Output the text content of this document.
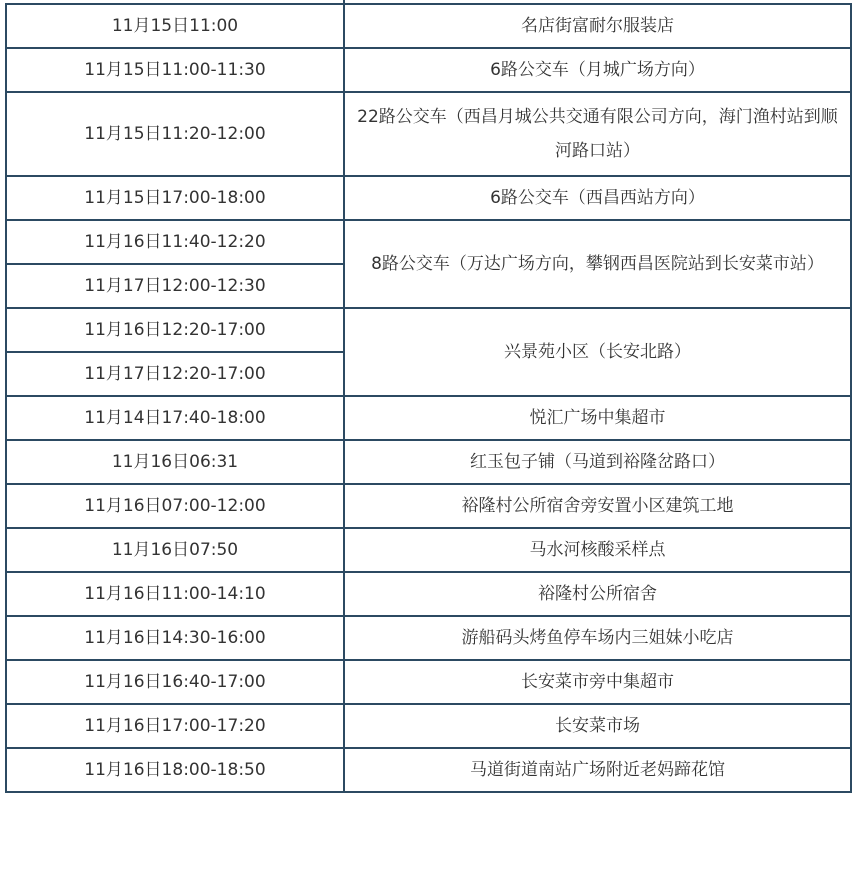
11月15日11:00	名店街富耐尔服装店
11月15日11:00-11:30	6路公交车（月城广场方向）
11月15日11:20-12:00	22路公交车（西昌月城公共交通有限公司方向，海门渔村站到顺河路口站）
11月15日17:00-18:00	6路公交车（西昌西站方向）
11月16日11:40-12:20	8路公交车（万达广场方向，攀钢西昌医院站到长安菜市站）
11月17日12:00-12:30	
11月16日12:20-17:00	兴景苑小区（长安北路）
11月17日12:20-17:00	
11月14日17:40-18:00	悦汇广场中集超市
11月16日06:31	红玉包子铺（马道到裕隆岔路口）
11月16日07:00-12:00	裕隆村公所宿舍旁安置小区建筑工地
11月16日07:50	马水河核酸采样点
11月16日11:00-14:10	裕隆村公所宿舍
11月16日14:30-16:00	游船码头烤鱼停车场内三姐妹小吃店
11月16日16:40-17:00	长安菜市旁中集超市
11月16日17:00-17:20	长安菜市场
11月16日18:00-18:50	马道街道南站广场附近老妈蹄花馆
